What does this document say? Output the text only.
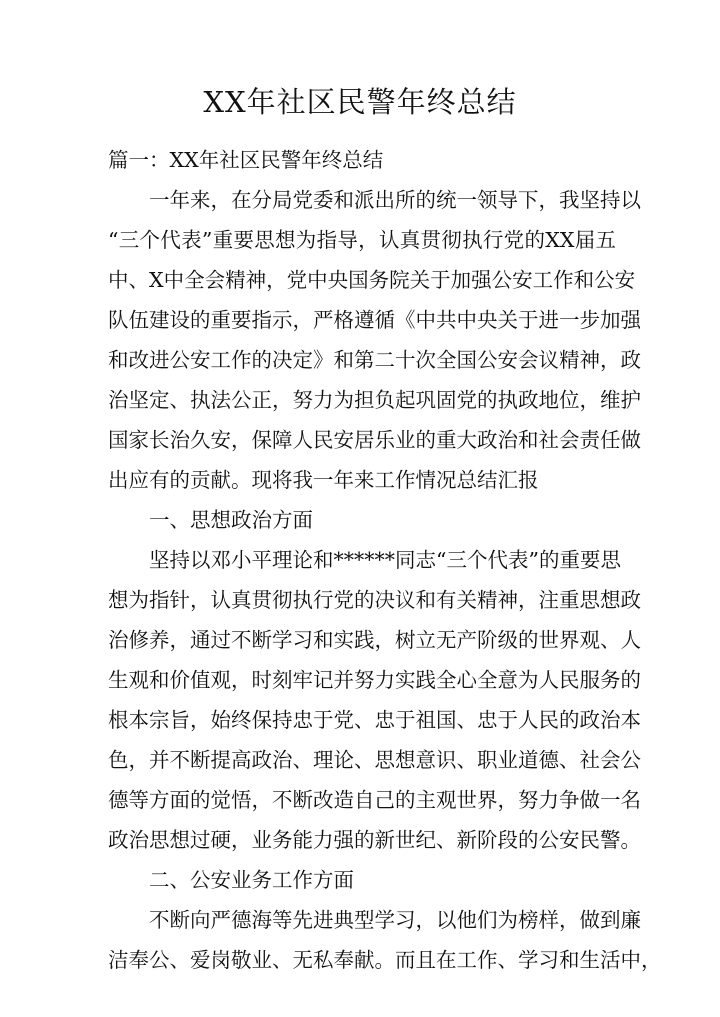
XX年社区民警年终总结
篇一：XX年社区民警年终总结
一年来，在分局党委和派出所的统一领导下，我坚持以
“三个代表”重要思想为指导，认真贯彻执行党的XX届五
中、X中全会精神，党中央国务院关于加强公安工作和公安
队伍建设的重要指示，严格遵循《中共中央关于进一步加强
和改进公安工作的决定》和第二十次全国公安会议精神，政
治坚定、执法公正，努力为担负起巩固党的执政地位，维护
国家长治久安，保障人民安居乐业的重大政治和社会责任做
出应有的贡献。现将我一年来工作情况总结汇报
一、思想政治方面
坚持以邓小平理论和******同志“三个代表”的重要思
想为指针，认真贯彻执行党的决议和有关精神，注重思想政
治修养，通过不断学习和实践，树立无产阶级的世界观、人
生观和价值观，时刻牢记并努力实践全心全意为人民服务的
根本宗旨，始终保持忠于党、忠于祖国、忠于人民的政治本
色，并不断提高政治、理论、思想意识、职业道德、社会公
德等方面的觉悟，不断改造自己的主观世界，努力争做一名
政治思想过硬，业务能力强的新世纪、新阶段的公安民警。
二、公安业务工作方面
不断向严德海等先进典型学习，以他们为榜样，做到廉
洁奉公、爱岗敬业、无私奉献。而且在工作、学习和生活中，
